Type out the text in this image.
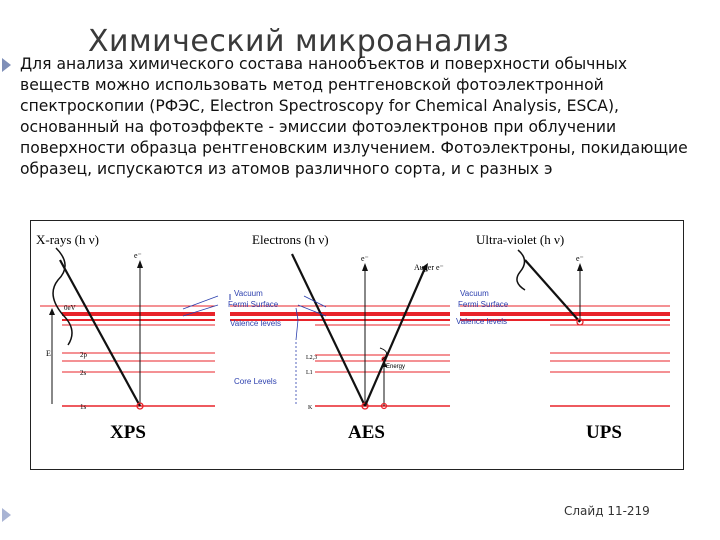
Химический микроанализ
Для анализа химического состава нанообъектов и поверхности обычных веществ можно использовать метод рентгеновской фотоэлектронной спектроскопии (РФЭС, Electron Spectroscopy for Chemical Analysis, ESCA), основанный на фотоэффекте - эмиссии фотоэлектронов при облучении поверхности образца рентгеновским излучением. Фотоэлектроны, покидающие образец, испускаются из атомов различного сорта, и с разных э
X-rays (h ν)	Electrons (h ν)	Ultra-violet (h ν)
E
0eV
2p
2s
1s
e⁻
XPS
L2,3
L1
K
e⁻
Auger e⁻
Energy
AES
Vacuum
Fermi Surface
Valence levels
Core Levels
Vacuum
Fermi Surface
Valence levels
e⁻
UPS
Слайд 11-219
